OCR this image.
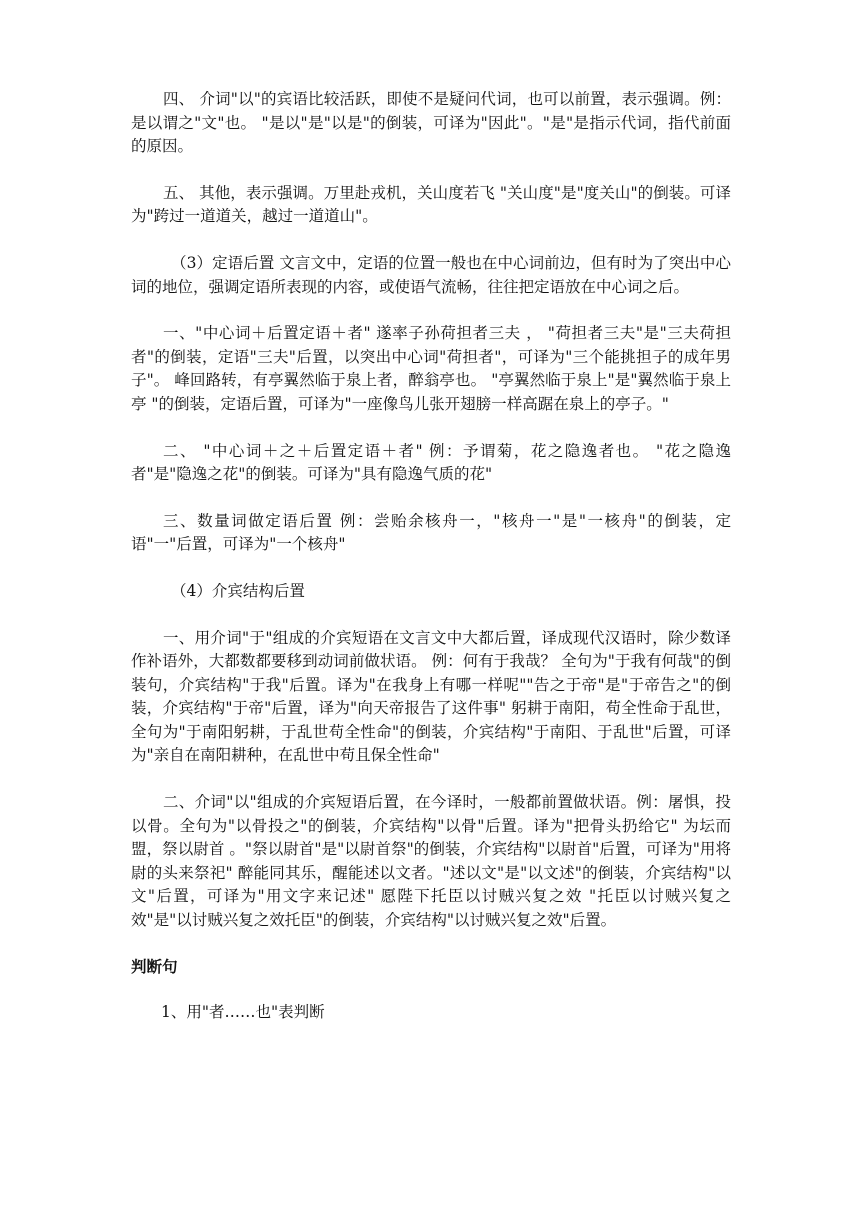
四、 介词"以"的宾语比较活跃，即使不是疑问代词，也可以前置，表示强调。例：是以谓之"文"也。 "是以"是"以是"的倒装，可译为"因此"。"是"是指示代词，指代前面的原因。

五、 其他，表示强调。万里赴戎机，关山度若飞 "关山度"是"度关山"的倒装。可译为"跨过一道道关，越过一道道山"。

（3）定语后置 文言文中，定语的位置一般也在中心词前边，但有时为了突出中心词的地位，强调定语所表现的内容，或使语气流畅，往往把定语放在中心词之后。

一、"中心词＋后置定语＋者" 遂率子孙荷担者三夫 ， "荷担者三夫"是"三夫荷担者"的倒装，定语"三夫"后置，以突出中心词"荷担者"，可译为"三个能挑担子的成年男子"。 峰回路转，有亭翼然临于泉上者，醉翁亭也。 "亭翼然临于泉上"是"翼然临于泉上亭 "的倒装，定语后置，可译为"一座像鸟儿张开翅膀一样高踞在泉上的亭子。"

二、 "中心词＋之＋后置定语＋者" 例：予谓菊，花之隐逸者也。 "花之隐逸者"是"隐逸之花"的倒装。可译为"具有隐逸气质的花"

三、数量词做定语后置 例：尝贻余核舟一，"核舟一"是"一核舟"的倒装，定语"一"后置，可译为"一个核舟"

（4）介宾结构后置

一、用介词"于"组成的介宾短语在文言文中大都后置，译成现代汉语时，除少数译作补语外，大都数都要移到动词前做状语。 例：何有于我哉？ 全句为"于我有何哉"的倒装句，介宾结构"于我"后置。译为"在我身上有哪一样呢""告之于帝"是"于帝告之"的倒装，介宾结构"于帝"后置，译为"向天帝报告了这件事" 躬耕于南阳，苟全性命于乱世，全句为"于南阳躬耕，于乱世苟全性命"的倒装，介宾结构"于南阳、于乱世"后置，可译为"亲自在南阳耕种，在乱世中苟且保全性命"

二、介词"以"组成的介宾短语后置，在今译时，一般都前置做状语。例：屠惧，投以骨。全句为"以骨投之"的倒装，介宾结构"以骨"后置。译为"把骨头扔给它" 为坛而盟，祭以尉首 。"祭以尉首"是"以尉首祭"的倒装，介宾结构"以尉首"后置，可译为"用将尉的头来祭祀" 醉能同其乐，醒能述以文者。"述以文"是"以文述"的倒装，介宾结构"以文"后置，可译为"用文字来记述" 愿陛下托臣以讨贼兴复之效 "托臣以讨贼兴复之效"是"以讨贼兴复之效托臣"的倒装，介宾结构"以讨贼兴复之效"后置。

判断句

1、用"者……也"表判断
